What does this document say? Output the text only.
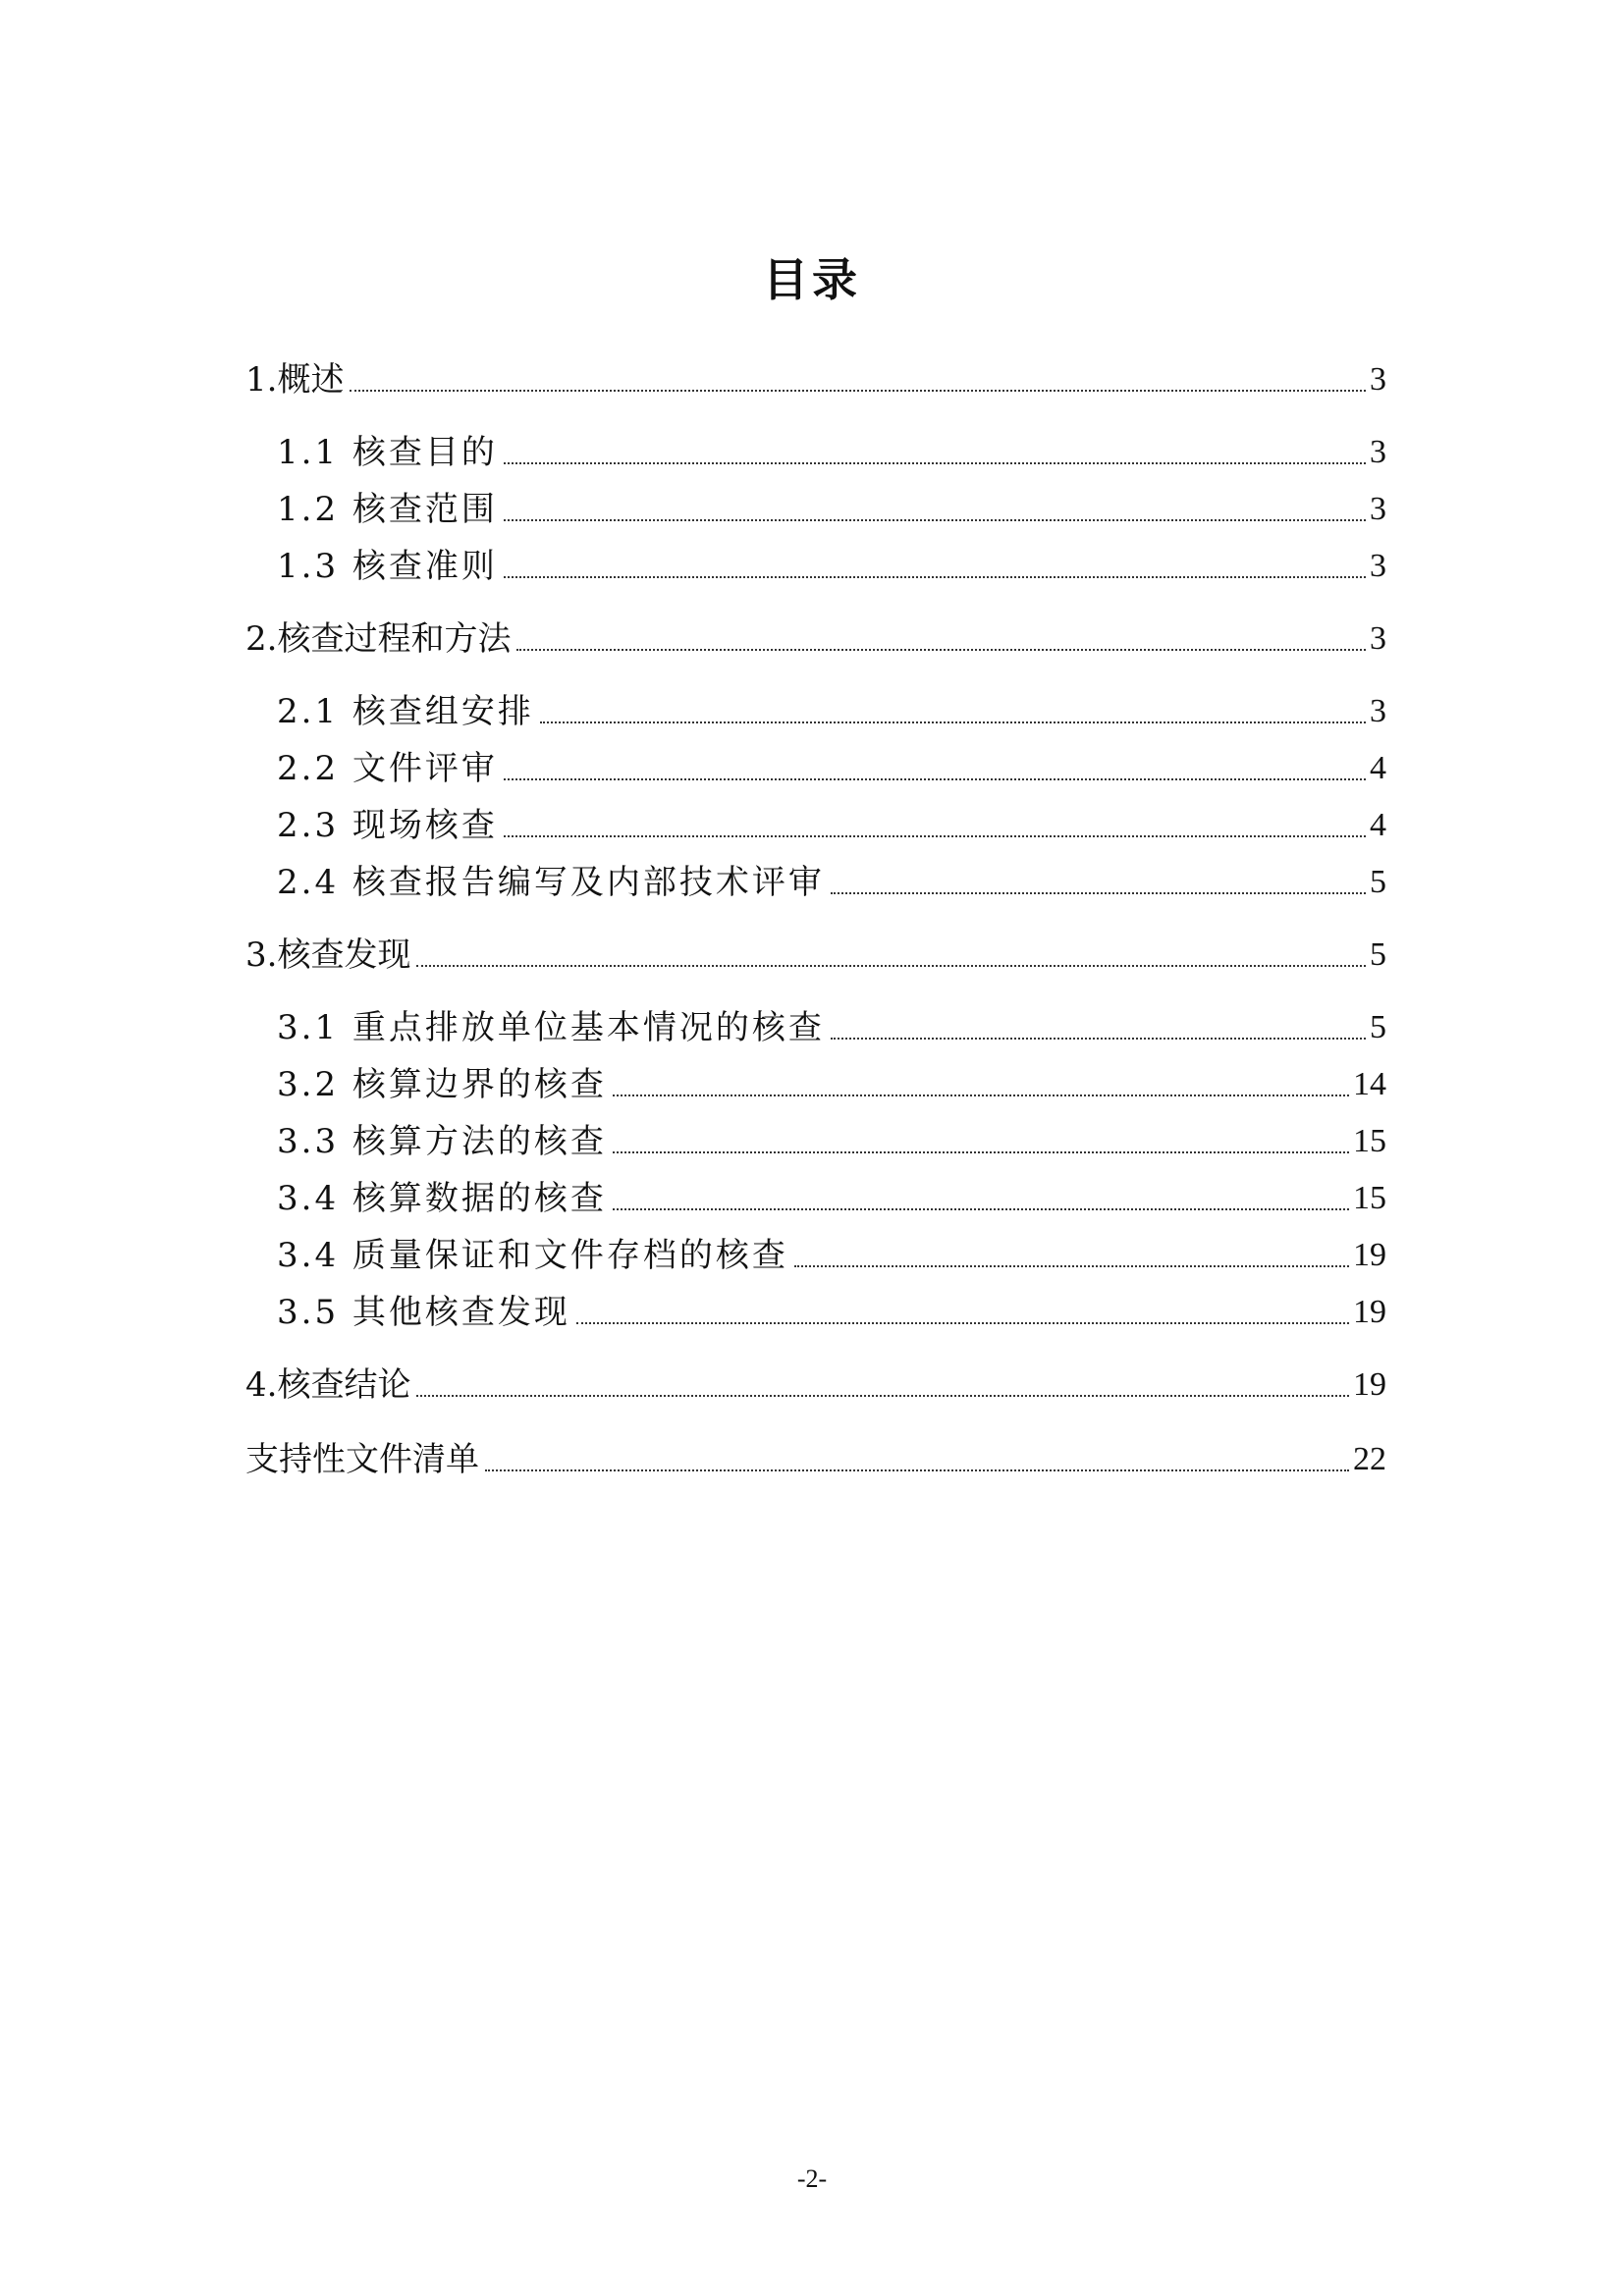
目录
1.概述	3
1.1 核查目的	3
1.2 核查范围	3
1.3 核查准则	3
2.核查过程和方法	3
2.1 核查组安排	3
2.2 文件评审	4
2.3 现场核查	4
2.4 核查报告编写及内部技术评审	5
3.核查发现	5
3.1 重点排放单位基本情况的核查	5
3.2 核算边界的核查	14
3.3 核算方法的核查	15
3.4 核算数据的核查	15
3.4 质量保证和文件存档的核查	19
3.5 其他核查发现	19
4.核查结论	19
支持性文件清单	22
-2-
